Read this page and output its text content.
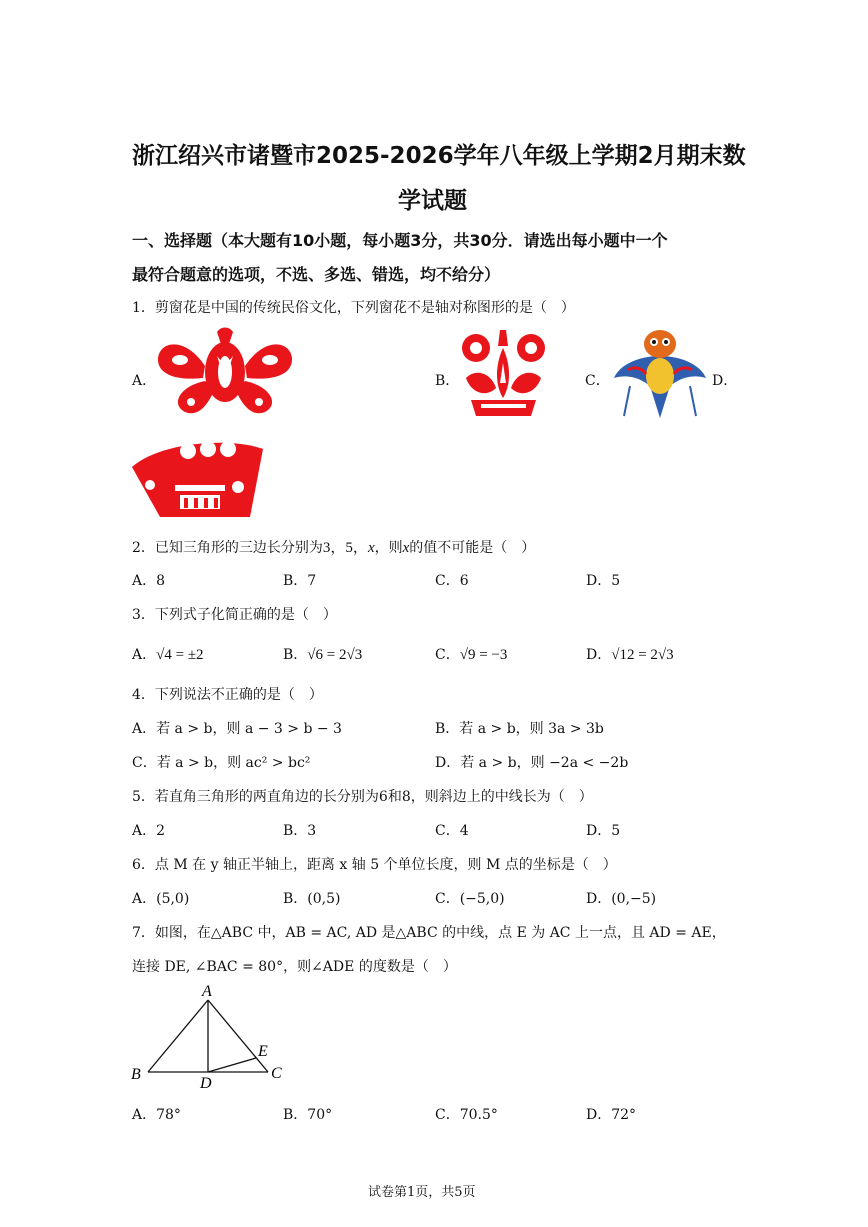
浙江绍兴市诸暨市2025-2026学年八年级上学期2月期末数
学试题
一、选择题（本大题有10小题，每小题3分，共30分．请选出每小题中一个
最符合题意的选项，不选、多选、错选，均不给分）
1．剪窗花是中国的传统民俗文化，下列窗花不是轴对称图形的是（　）
A．	B．	C．	D．
2．已知三角形的三边长分别为3，5，x，则x的值不可能是（　）
A．8	B．7	C．6	D．5
3．下列式子化简正确的是（　）
A．√4 = ±2	B．√6 = 2√3	C．√9 = −3	D．√12 = 2√3
4．下列说法不正确的是（　）
A．若 a > b，则 a − 3 > b − 3	B．若 a > b，则 3a > 3b
C．若 a > b，则 ac² > bc²	D．若 a > b，则 −2a < −2b
5．若直角三角形的两直角边的长分别为6和8，则斜边上的中线长为（　）
A．2	B．3	C．4	D．5
6．点 M 在 y 轴正半轴上，距离 x 轴 5 个单位长度，则 M 点的坐标是（　）
A．(5,0)	B．(0,5)	C．(−5,0)	D．(0,−5)
7．如图，在△ABC 中，AB = AC, AD 是△ABC 的中线，点 E 为 AC 上一点，且 AD = AE，
连接 DE, ∠BAC = 80°，则∠ADE 的度数是（　）
A
B	C
D
E
A．78°	B．70°	C．70.5°	D．72°
试卷第1页，共5页
